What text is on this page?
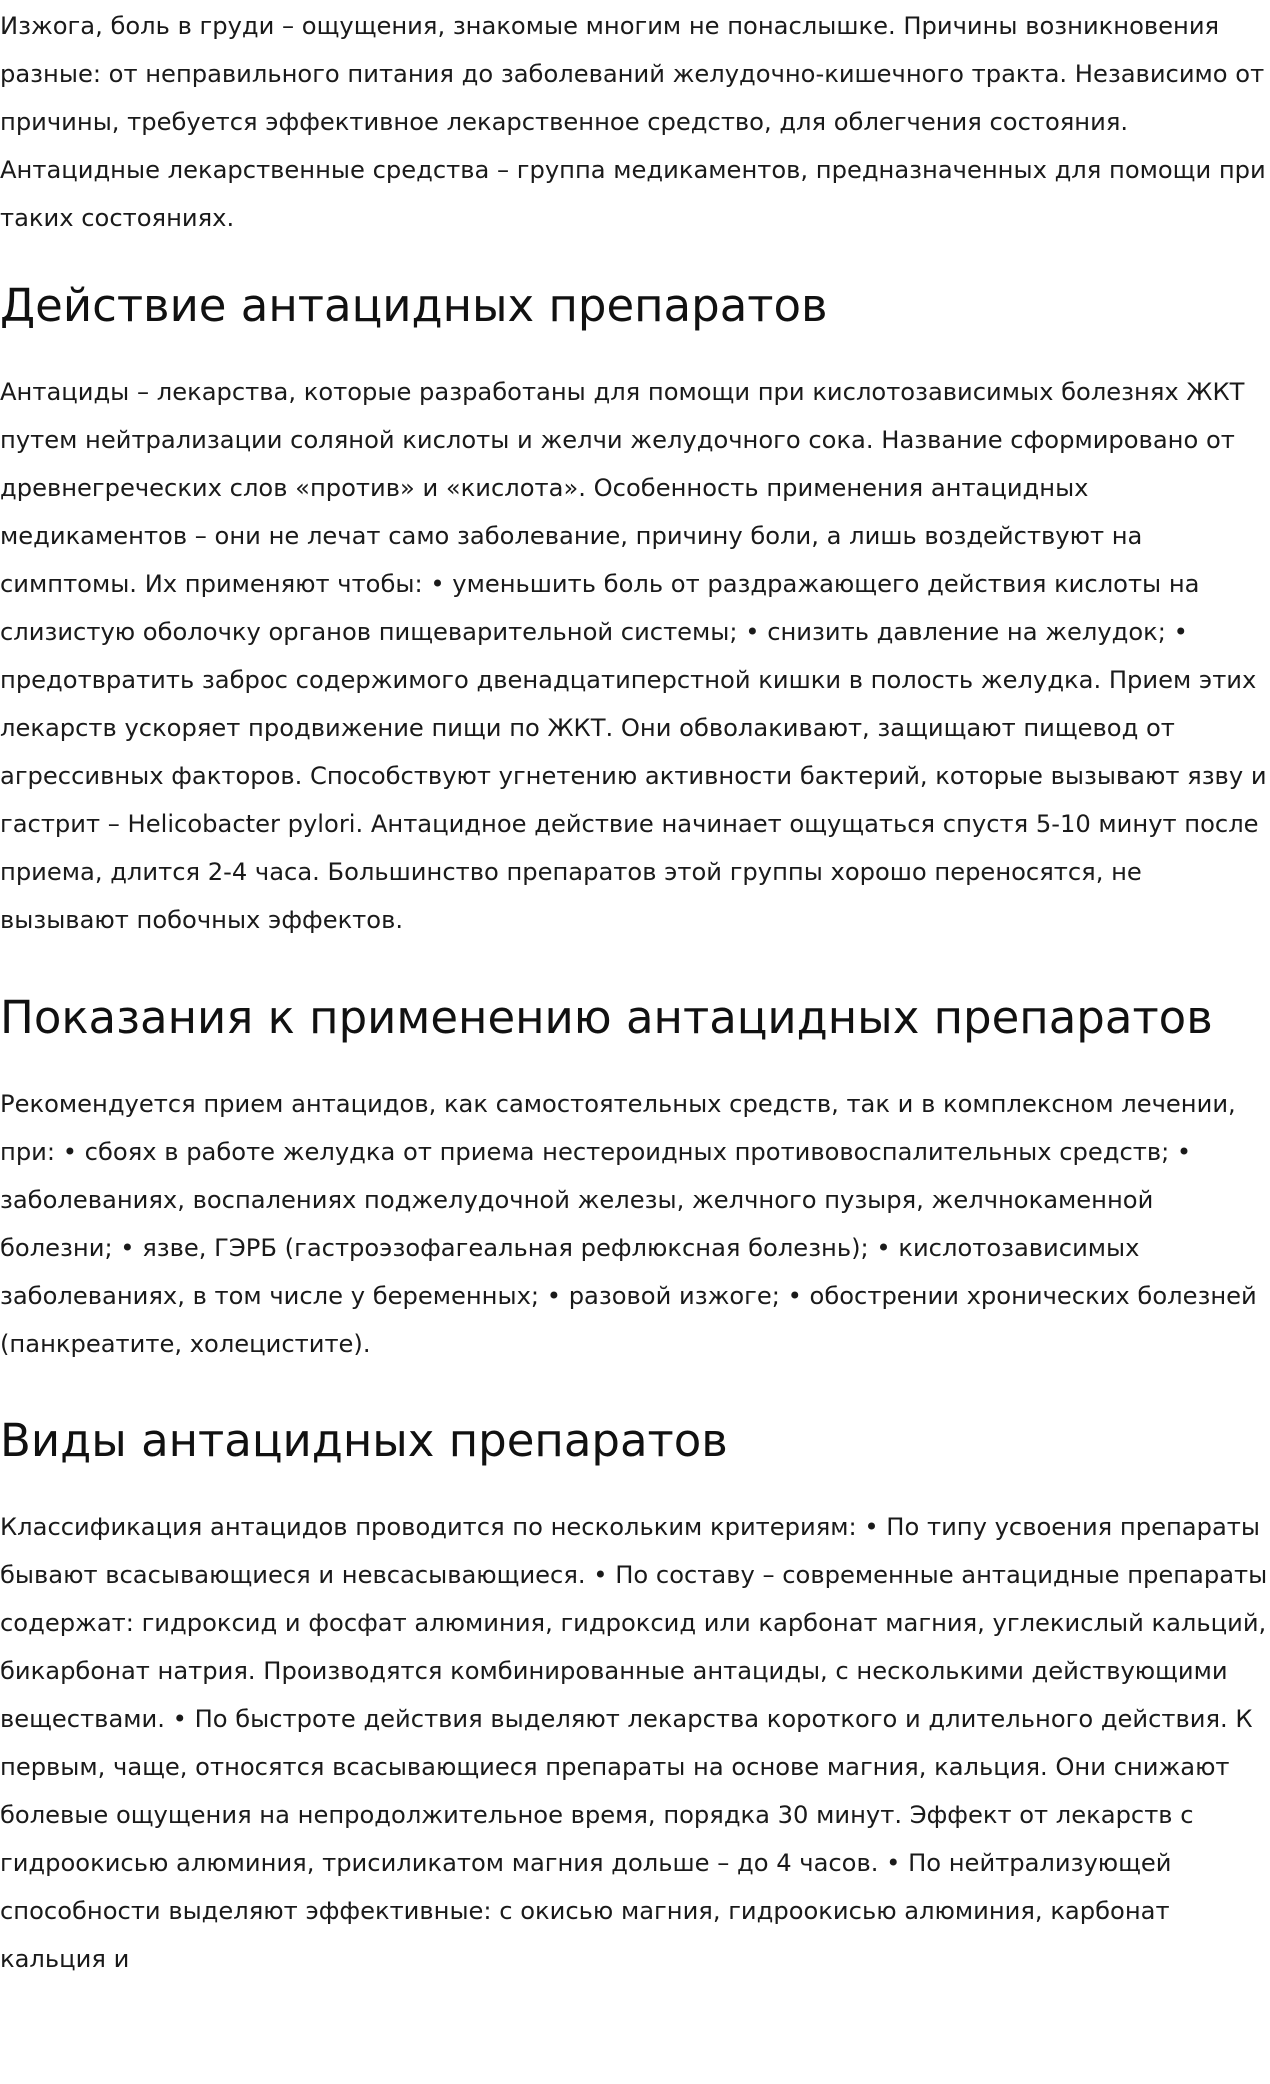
Изжога, боль в груди – ощущения, знакомые многим не понаслышке. Причины возникновения разные: от неправильного питания до заболеваний желудочно-кишечного тракта. Независимо от причины, требуется эффективное лекарственное средство, для облегчения состояния. Антацидные лекарственные средства – группа медикаментов, предназначенных для помощи при таких состояниях.

Действие антацидных препаратов

Антациды – лекарства, которые разработаны для помощи при кислотозависимых болезнях ЖКТ путем нейтрализации соляной кислоты и желчи желудочного сока. Название сформировано от древнегреческих слов «против» и «кислота». Особенность применения антацидных медикаментов – они не лечат само заболевание, причину боли, а лишь воздействуют на симптомы. Их применяют чтобы: • уменьшить боль от раздражающего действия кислоты на слизистую оболочку органов пищеварительной системы; • снизить давление на желудок; • предотвратить заброс содержимого двенадцатиперстной кишки в полость желудка. Прием этих лекарств ускоряет продвижение пищи по ЖКТ. Они обволакивают, защищают пищевод от агрессивных факторов. Способствуют угнетению активности бактерий, которые вызывают язву и гастрит – Helicobacter pylori. Антацидное действие начинает ощущаться спустя 5-10 минут после приема, длится 2-4 часа. Большинство препаратов этой группы хорошо переносятся, не вызывают побочных эффектов.

Показания к применению антацидных препаратов

Рекомендуется прием антацидов, как самостоятельных средств, так и в комплексном лечении, при: • сбоях в работе желудка от приема нестероидных противовоспалительных средств; • заболеваниях, воспалениях поджелудочной железы, желчного пузыря, желчнокаменной болезни; • язве, ГЭРБ (гастроэзофагеальная рефлюксная болезнь); • кислотозависимых заболеваниях, в том числе у беременных; • разовой изжоге; • обострении хронических болезней (панкреатите, холецистите).

Виды антацидных препаратов

Классификация антацидов проводится по нескольким критериям: • По типу усвоения препараты бывают всасывающиеся и невсасывающиеся. • По составу – современные антацидные препараты содержат: гидроксид и фосфат алюминия, гидроксид или карбонат магния, углекислый кальций, бикарбонат натрия. Производятся комбинированные антациды, с несколькими действующими веществами. • По быстроте действия выделяют лекарства короткого и длительного действия. К первым, чаще, относятся всасывающиеся препараты на основе магния, кальция. Они снижают болевые ощущения на непродолжительное время, порядка 30 минут. Эффект от лекарств с гидроокисью алюминия, трисиликатом магния дольше – до 4 часов. • По нейтрализующей способности выделяют эффективные: с окисью магния, гидроокисью алюминия, карбонат кальция и
